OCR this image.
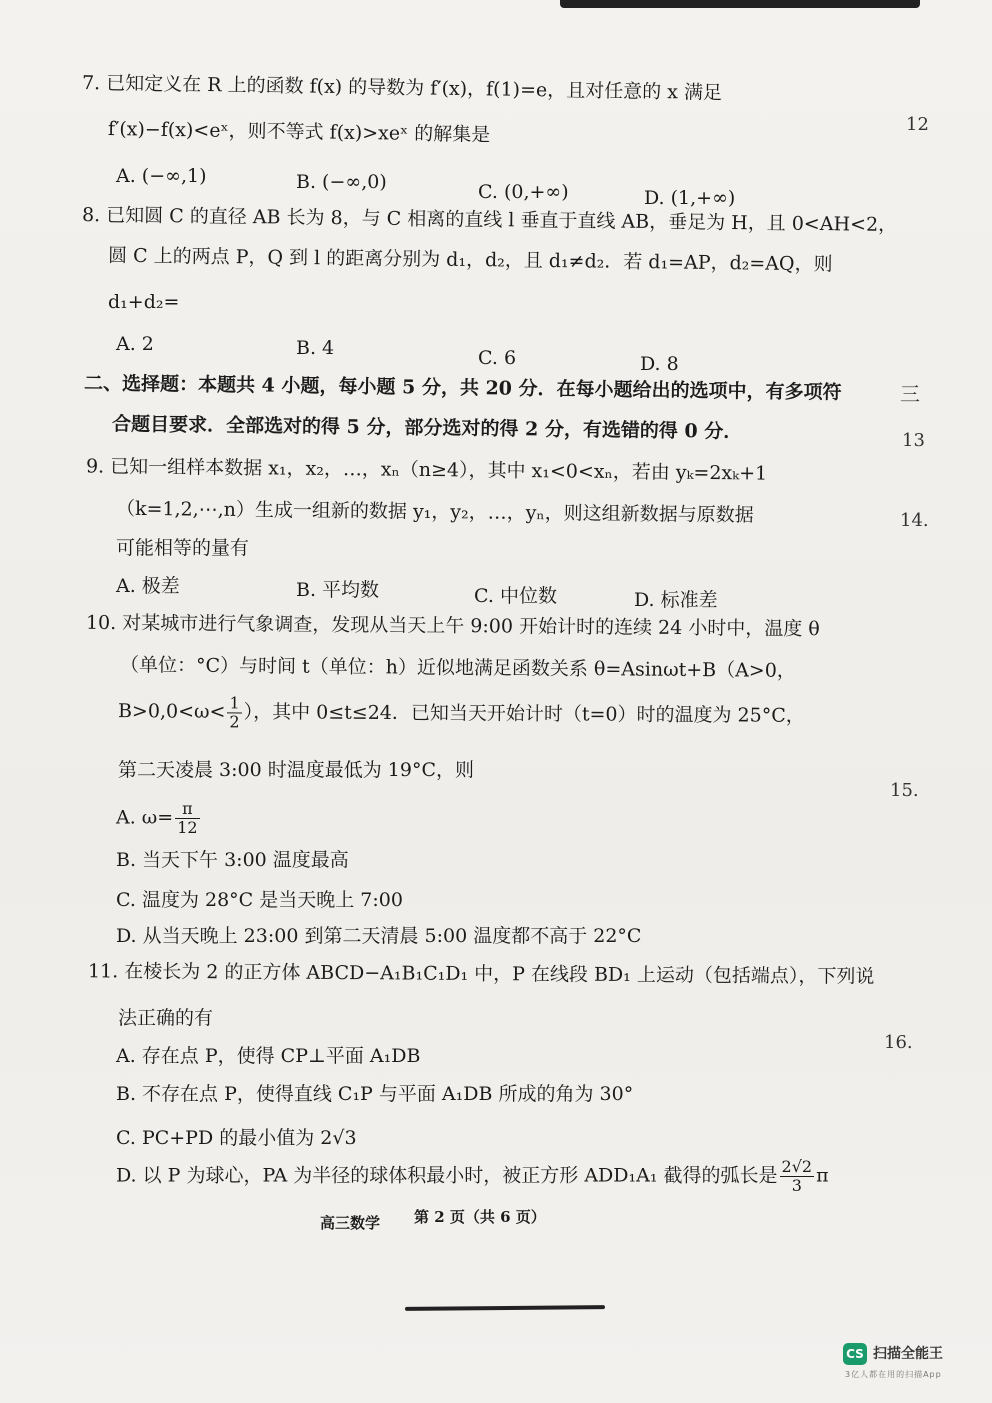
7. 已知定义在 R 上的函数 f(x) 的导数为 f′(x)，f(1)=e，且对任意的 x 满足
f′(x)−f(x)<eˣ，则不等式 f(x)>xeˣ 的解集是
A. (−∞,1)	B. (−∞,0)	C. (0,+∞)	D. (1,+∞)
8. 已知圆 C 的直径 AB 长为 8，与 C 相离的直线 l 垂直于直线 AB，垂足为 H，且 0<AH<2，
圆 C 上的两点 P，Q 到 l 的距离分别为 d₁，d₂，且 d₁≠d₂．若 d₁=AP，d₂=AQ，则
d₁+d₂=
A. 2	B. 4	C. 6	D. 8
二、选择题：本题共 4 小题，每小题 5 分，共 20 分．在每小题给出的选项中，有多项符
合题目要求．全部选对的得 5 分，部分选对的得 2 分，有选错的得 0 分．
9. 已知一组样本数据 x₁，x₂，…，xₙ（n≥4），其中 x₁<0<xₙ，若由 yₖ=2xₖ+1
（k=1,2,⋯,n）生成一组新的数据 y₁，y₂，…，yₙ，则这组新数据与原数据
可能相等的量有
A. 极差	B. 平均数	C. 中位数	D. 标准差
10. 对某城市进行气象调查，发现从当天上午 9:00 开始计时的连续 24 小时中，温度 θ
（单位：°C）与时间 t（单位：h）近似地满足函数关系 θ=Asinωt+B（A>0，
$B>0,0<\omega< \frac{1}{2}$ ），其中 0≤t≤24．已知当天开始计时（t=0）时的温度为 25°C，
第二天凌晨 3:00 时温度最低为 19°C，则
A. $\omega= \frac{\pi}{12}$
B. 当天下午 3:00 温度最高
C. 温度为 28°C 是当天晚上 7:00
D. 从当天晚上 23:00 到第二天清晨 5:00 温度都不高于 22°C
11. 在棱长为 2 的正方体 ABCD−A₁B₁C₁D₁ 中，P 在线段 BD₁ 上运动（包括端点），下列说
法正确的有
A. 存在点 P，使得 CP⊥平面 A₁DB
B. 不存在点 P，使得直线 C₁P 与平面 A₁DB 所成的角为 30°
C. PC+PD 的最小值为 2√3
D. 以 P 为球心，PA 为半径的球体积最小时，被正方形 ADD₁A₁ 截得的弧长是 $\frac{2√2}{3}$ π
12
三
13
14.
15.
16.
高三数学 第 2 页（共 6 页）
CS 扫描全能王
3亿人都在用的扫描App
